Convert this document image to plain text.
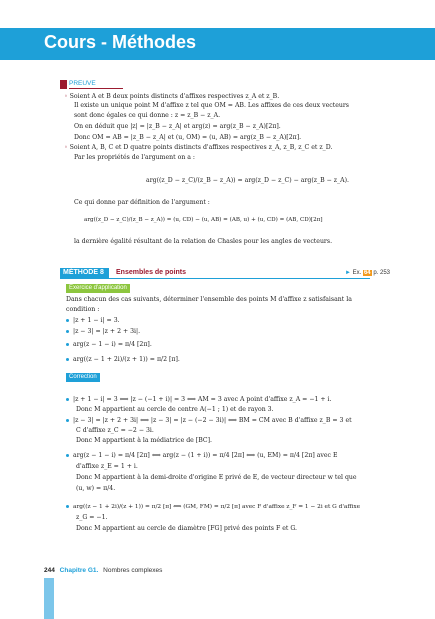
Cours - Méthodes
PREUVE
◦ Soient A et B deux points distincts d'affixes respectives z_A et z_B.
Il existe un unique point M d'affixe z tel que OM = AB. Les affixes de ces deux vecteurs
sont donc égales ce qui donne : z = z_B − z_A.
On en déduit que |z| = |z_B − z_A| et arg(z) = arg(z_B − z_A)[2π].
Donc OM = AB = |z_B − z_A| et (u, OM) = (u, AB) = arg(z_B − z_A)[2π].
◦ Soient A, B, C et D quatre points distincts d'affixes respectives z_A, z_B, z_C et z_D.
Par les propriétés de l'argument on a :
arg((z_D − z_C)/(z_B − z_A)) = arg(z_D − z_C) − arg(z_B − z_A).
Ce qui donne par définition de l'argument :
arg((z_D − z_C)/(z_B − z_A)) = (u, CD) − (u, AB) = (AB, u) + (u, CD) = (AB, CD)[2π]
la dernière égalité résultant de la relation de Chasles pour les angles de vecteurs.
MÉTHODE 8	Ensembles de points	► Ex. 64 p. 253
Exercice d'application
Dans chacun des cas suivants, déterminer l'ensemble des points M d'affixe z satisfaisant la
condition :
|z + 1 − i| = 3.
|z − 3| = |z + 2 + 3i|.
arg(z − 1 − i) = π/4 [2π].
arg((z − 1 + 2i)/(z + 1)) = π/2 [π].
Correction
|z + 1 − i| = 3 ⟺ |z − (−1 + i)| = 3 ⟺ AM = 3 avec A point d'affixe z_A = −1 + i.
Donc M appartient au cercle de centre A(−1 ; 1) et de rayon 3.
|z − 3| = |z + 2 + 3i| ⟺ |z − 3| = |z − (−2 − 3i)| ⟺ BM = CM avec B d'affixe z_B = 3 et
C d'affixe z_C = −2 − 3i.
Donc M appartient à la médiatrice de [BC].
arg(z − 1 − i) = π/4 [2π] ⟺ arg(z − (1 + i)) = π/4 [2π] ⟺ (u, EM) = π/4 [2π] avec E
d'affixe z_E = 1 + i.
Donc M appartient à la demi-droite d'origine E privé de E, de vecteur directeur w tel que
(u, w) = π/4.
arg((z − 1 + 2i)/(z + 1)) = π/2 [π] ⟺ (GM, FM) = π/2 [π] avec F d'affixe z_F = 1 − 2i et G d'affixe
z_G = −1.
Donc M appartient au cercle de diamètre [FG] privé des points F et G.
244 Chapitre G1. Nombres complexes
